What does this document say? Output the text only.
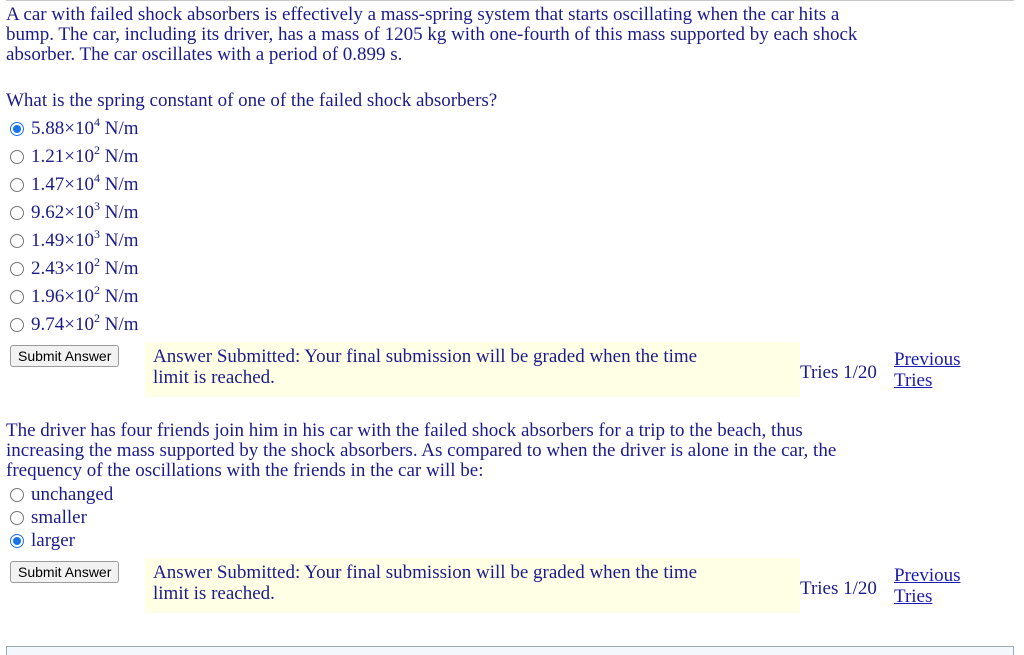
A car with failed shock absorbers is effectively a mass-spring system that starts oscillating when the car hits a
bump. The car, including its driver, has a mass of 1205 kg with one-fourth of this mass supported by each shock
absorber. The car oscillates with a period of 0.899 s.
What is the spring constant of one of the failed shock absorbers?
$5.88\times 10^4$ N/m
$1.21\times 10^2$ N/m
$1.47\times 10^4$ N/m
$9.62\times 10^3$ N/m
$1.49\times 10^3$ N/m
$2.43\times 10^2$ N/m
$1.96\times 10^2$ N/m
$9.74\times 10^2$ N/m
Submit Answer	Answer Submitted: Your final submission will be graded when the time
limit is reached.	Tries 1/20
Previous
Tries
The driver has four friends join him in his car with the failed shock absorbers for a trip to the beach, thus
increasing the mass supported by the shock absorbers. As compared to when the driver is alone in the car, the
frequency of the oscillations with the friends in the car will be:
unchanged
smaller
larger
Submit Answer	Answer Submitted: Your final submission will be graded when the time
limit is reached.	Tries 1/20
Previous
Tries
